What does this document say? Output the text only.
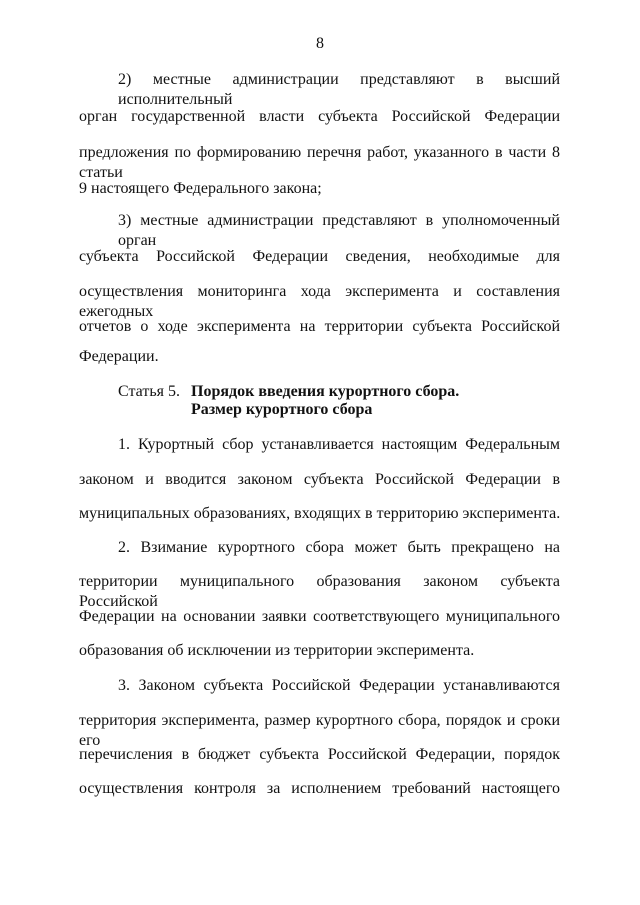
8
2) местные администрации представляют в высший исполнительный
орган государственной власти субъекта Российской Федерации
предложения по формированию перечня работ, указанного в части 8 статьи
9 настоящего Федерального закона;
3) местные администрации представляют в уполномоченный орган
субъекта Российской Федерации сведения, необходимые для
осуществления мониторинга хода эксперимента и составления ежегодных
отчетов о ходе эксперимента на территории субъекта Российской
Федерации.
Статья 5. Порядок введения курортного сбора. Размер курортного сбора
1. Курортный сбор устанавливается настоящим Федеральным
законом и вводится законом субъекта Российской Федерации в
муниципальных образованиях, входящих в территорию эксперимента.
2. Взимание курортного сбора может быть прекращено на
территории муниципального образования законом субъекта Российской
Федерации на основании заявки соответствующего муниципального
образования об исключении из территории эксперимента.
3. Законом субъекта Российской Федерации устанавливаются
территория эксперимента, размер курортного сбора, порядок и сроки его
перечисления в бюджет субъекта Российской Федерации, порядок
осуществления контроля за исполнением требований настоящего
